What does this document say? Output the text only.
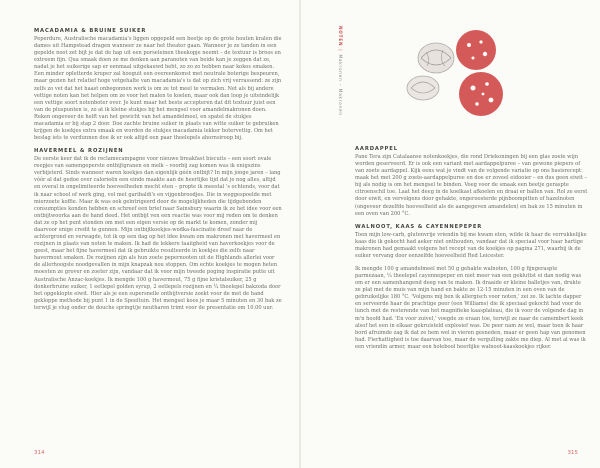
MACADAMIA & BRUINE SUIKER

Peperdure, Australische macadamia's liggen opgepeld een beetje op de grote houten kralen die dames uit Hampstead dragen wanneer ze naar het theater gaan. Wanneer je ze tanden in een gepelde noot zet bijt je dat de hap uit een porseleinen theekopje neemt – de textuur is broos en extreem fijn. Qua smaak doen ze me denken aan paranoten van beide kan je zeggen dat ze, nadat je het suikerige sap er eenmaal uitgekauwd hebt, zo zo zo hebben naar kokos smaken. Een minder opletterde kruper zal hooguit een overeenkomst met neutrale boterige bespeuren, maar gezien het relatief hoge vetgehalte van macadamia's is dat op zich vrij verrassend: ze zijn zelfs zo vet dat het haast onbegonnen werk is om ze tot meel te vermalen. Net als bij andere vettige noten kan het helpen om ze voor het malen te koelen, maar ook dan loop je uiteindelijk een vettige soort notenboter over. Je kunt maar het beste accepteren dat dit textuur juist een van de pluspunten is, zo at ik kleine stukjes bij het mengsel voor amandelmakronen doen. Reken ongeveer de helft van het gewicht van het amandelmeel, en spatel de stukjes macadamia er bij stap 2 door. Doe zachte bruine suiker in plaats van witte suiker te gebruiken krijgen de koekjes extra smaak en worden de stukjes macadamia lekker botervettig. Om het beslag iets te verdunnen doe ik er ook altijd een paar theelepels ahornsiroop bij.

HAVERMEEL & ROZIJNEN

De eerste keer dat ik de reclamecampagne voor nieuwe breakfast biscuits – een soort ovale reepjes van samengeperste ontbijtgranen en melk – voorbij zag komen was ik enigszins verbijsterd. Sinds wanneer waren koekjes dan eigenlijk géén ontbijt? In mijn jonge jaren – lang vóór al dat gedoe over calorieën een einde maakte aan de heerlijke tijd dat je nog alles, altijd en overal in ongelimiteerde hoeveelheden mocht eten – propte ik meestal 's ochtends, voor dat ik naar school of werk ging, vol met garibaldi's en vijgenbroodjes. Die in weggespoelde met mierzoete koffie. Maar ik was ook geïntrigeerd door de mogelijkheden die tijdgebonden consumpties konden hebben en schreef een brief naar Sainsbury waarin ik ze het idee voor een ontbijtwoorka aan de hand deed. Het ontbijt ven een reactie was voor mij reden om te denken dat ze op het punt stonden om met een eigen versie op de markt te komen, zonder mij daarvoor enige credit te gunnen. Mijn ontbijtkoekjes-wodka-fascinatie dreef naar de achtergrond en verwagde, tot ik op een dag op het idee kwam om makronen met havermeel en rozijnen in plaats van noten te maken. Ik had de lekkere taaiigheid van haverkoekjes voor de geest, maar het fijne havermeel dat ik gebruikte resulteerde in koekjes die zelfs naar havermout smaken. De rozijnen zijn als hun zoete pepernooten uit de Highlands allerlei voor de allerhoogste noodgevallen in mijn knapzak nou stoppen. Om echte koekjes te mogen heten moesten ze grover en zoeter zijn, vandaar dat ik voor mijn tweede poging inspiratie putte uit Australische Anzac-koekjes. Ik mengde 100 g havermout, 75 g fijne kristalsuiker, 25 g donkerbruine suiker, 1 eetlepel golden syrup, 2 eetlepels rozijnen en ¼ theelepel bakzoda door het opgeklopte eiwit. Hier als je een supersnelle ontbijtversie zoekt voor de met de hand gekloppe methode bij punt 1 in de Speeltuin. Het mengsel koos je maar 5 minuten en 30 bak ze terwijl je vlug onder de douche springt/je neutharen trimt voor de presentatie om 10.00 uur.

314
NOTEN|Makronen – Makronen
AARDAPPEL

Pane Tera zijn Catalaanse notenkoekjes, die rond Driekoningen bij een glas zoete wijn worden geserveerd. Er is ook een variant met aardappelpuree – van gewone piepers of van zoete aardappel. Kijk eens wat je vindt van de volgende variatie op ons basisrecept: maak het met 200 g zoete-aardappelpuree en doe er zoveel eidooier – en dus geen eiwit – bij als nodig is om het mengsel te binden. Voeg voor de smaak een beetje geraspte citroenschil toe. Laat het deeg in de koelkast afkoelen en draai er ballen van. Rol ze eerst door eiwit, en vervolgens door gehakte, ongeroosterde pijnboompitten of hazelnoten (ongeveer dezelfde hoeveelheid als de aangegeven amandelen) en bak ze 15 minuten in een oven van 200 °C.

WALNOOT, KAAS & CAYENNEPEPER

Toen mijn low-carb, glutenvrije vriendin bij me kwam eten, wilde ik haar de verrukkelijke kaas die ik gekocht had aeker niet onthouden, vandaar dat ik speciaal voor haar hartige makronen had gemaakt volgens het recept van de koekjes op pagina 271, waarbij ik de suiker vervang door eenzelfde hoeveelheid Red Leicester.

Ik mengde 100 g amandelmeel met 50 g gehakte walnoten, 100 g fijngeraspte parmezaan, ¼ theelepel cayennepeper en niet meer van een gekluttst ei dan nodig was om er een samenhangend deeg van te maken. Ik draaide er kleine balletjes van, drukte ze plat met de muis van mijn hand en bakte ze 12-15 minuten in een oven van de gebruikelijke 180 °C. 'Volgens mij ben ik allergisch voor noten,' zei ze. Ik lachte dapper en serveerde haar de prachtige peer (een Williams) die ik speciaal gekocht had voor de lunch met de resterende van het magnifieke kaasplateau, die ik voor de volgende dag in m'n hoofd had. 'En voor zuivel,' voegde ze eraan toe, terwijl ze naar de camembert keek alsof het een in elkaar gekruisteld explosief was. De peer nam ze wel, maar toen ik haar bord afruimde zag ik dat ze hem wel in vieren gesneden, maar er geen hap van genomen had. Fierhattighed is toe daarvan toe, maar de vergulling zakte me diep. Al met al was ik een vriendin armer, maar een holebool heerlijke walnoot-kaaskoekjes rijker.

315
